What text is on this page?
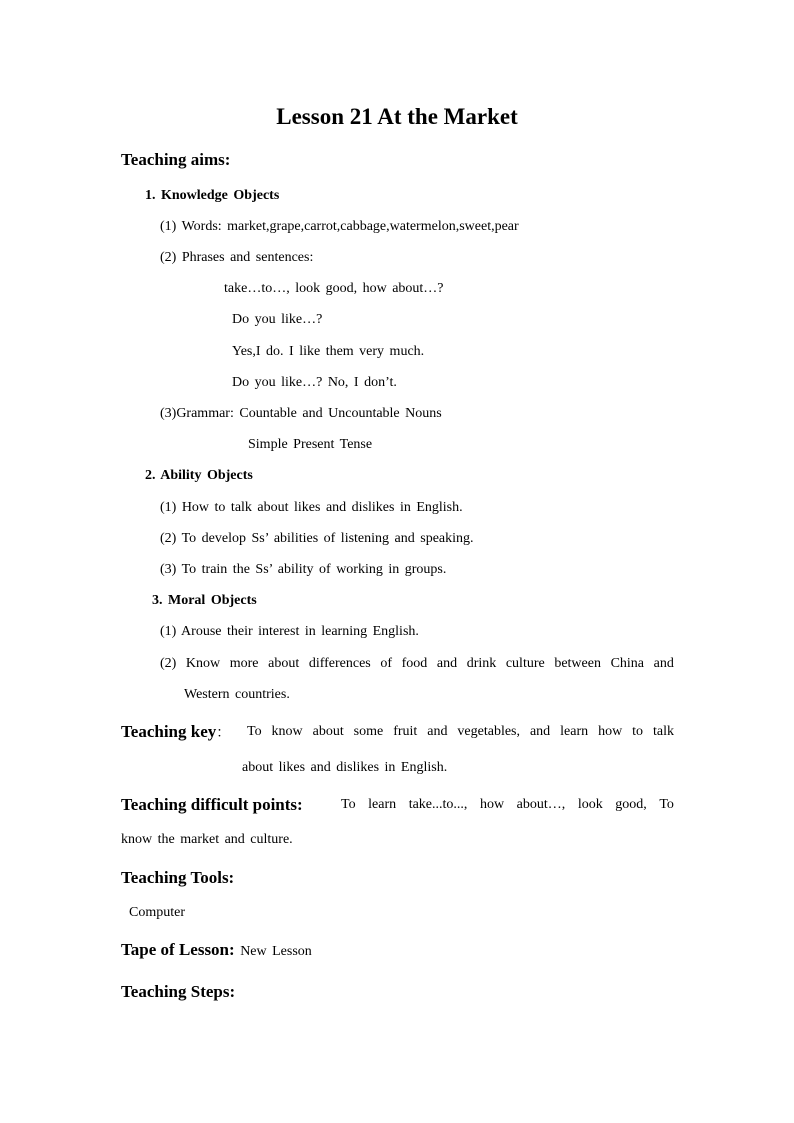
Lesson 21 At the Market
Teaching aims:
1. Knowledge Objects
(1) Words: market,grape,carrot,cabbage,watermelon,sweet,pear
(2) Phrases and sentences:
take…to…, look good, how about…?
Do you like…?
Yes,I do. I like them very much.
Do you like…? No, I don’t.
(3)Grammar: Countable and Uncountable Nouns
Simple Present Tense
2. Ability Objects
(1) How to talk about likes and dislikes in English.
(2) To develop Ss’ abilities of listening and speaking.
(3) To train the Ss’ ability of working in groups.
3. Moral Objects
(1) Arouse their interest in learning English.
(2) Know more about differences of food and drink culture between China and
Western countries.
Teaching key： To know about some fruit and vegetables, and learn how to talk
about likes and dislikes in English.
Teaching difficult points:	To learn take...to..., how about…, look good, To
know the market and culture.
Teaching Tools:
Computer
Tape of Lesson: New Lesson
Teaching Steps:
